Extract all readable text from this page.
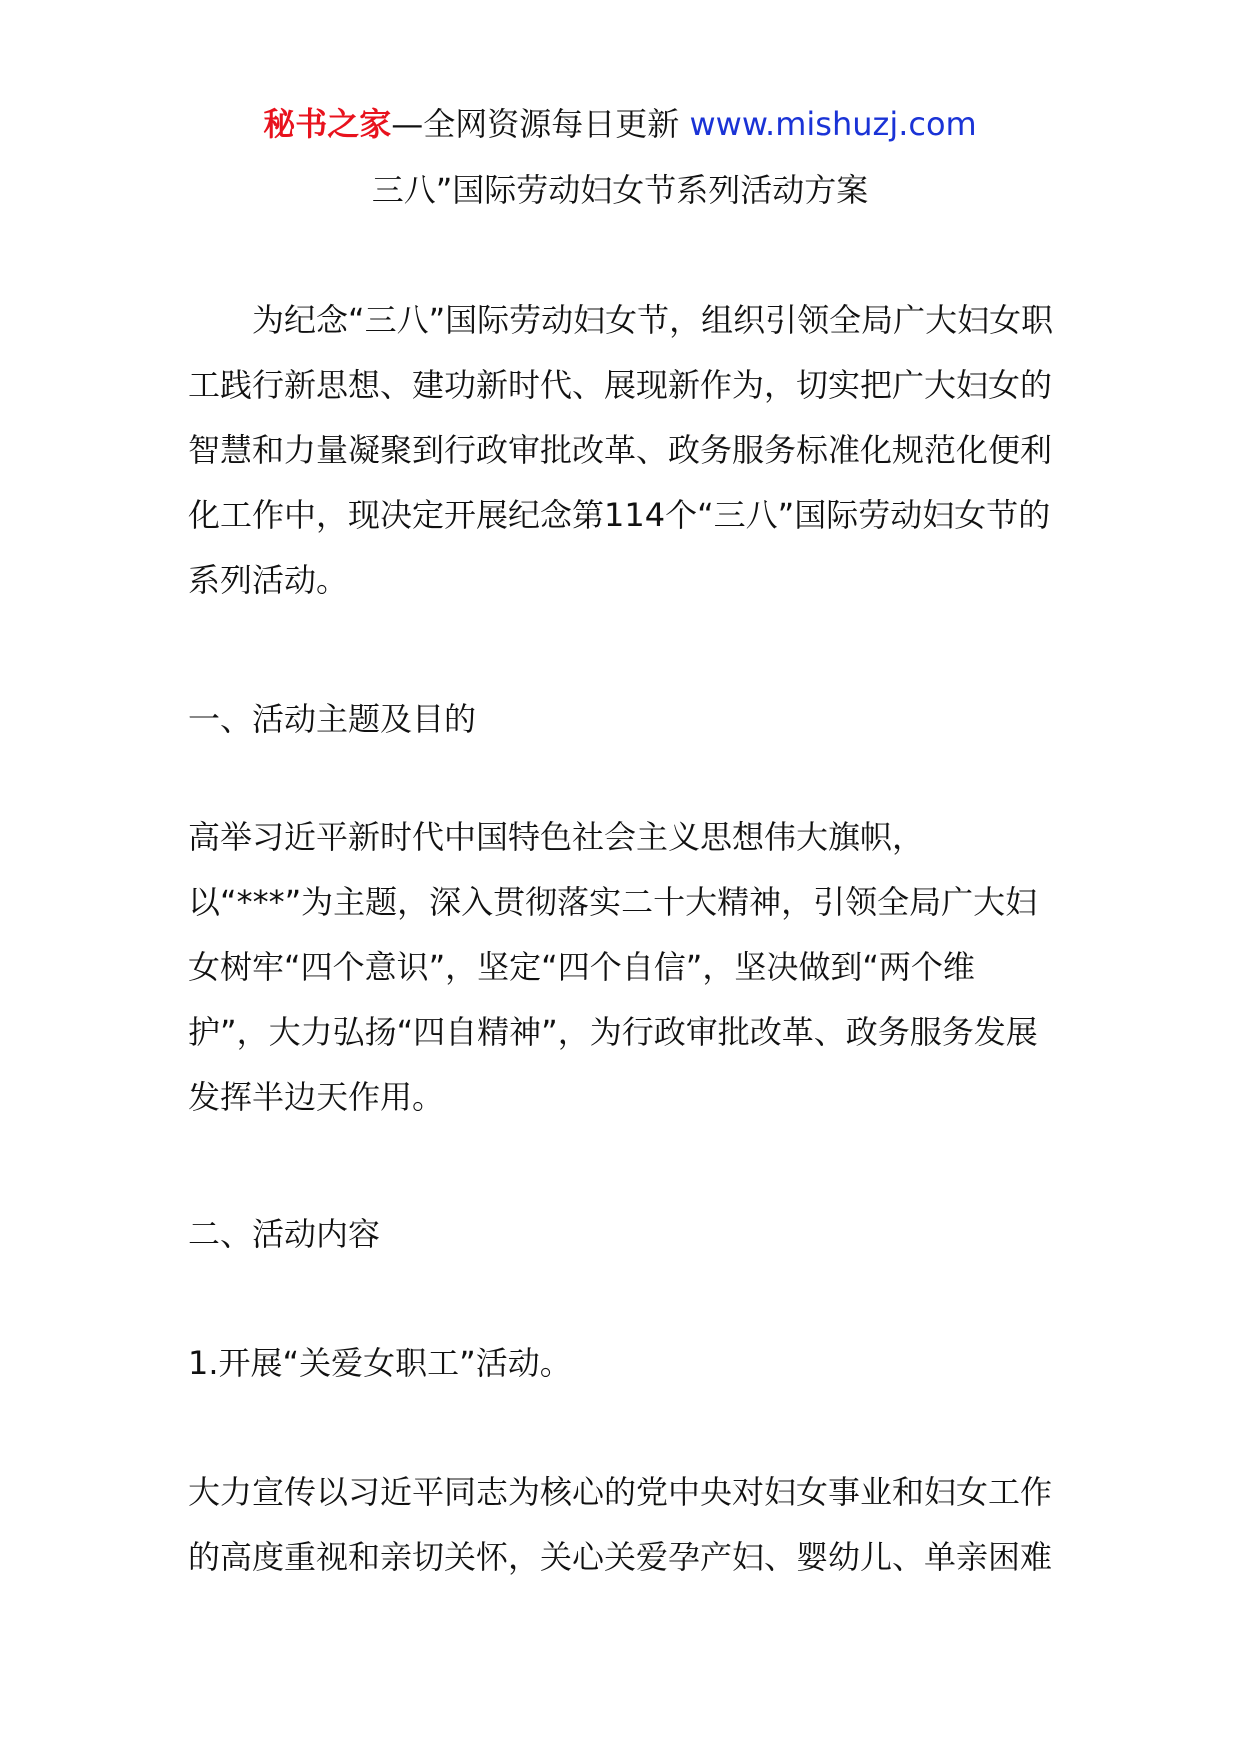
秘书之家—全网资源每日更新 www.mishuzj.com
三八”国际劳动妇女节系列活动方案

为纪念“三八”国际劳动妇女节，组织引领全局广大妇女职工践行新思想、建功新时代、展现新作为，切实把广大妇女的智慧和力量凝聚到行政审批改革、政务服务标准化规范化便利化工作中，现决定开展纪念第114个“三八”国际劳动妇女节的系列活动。

一、活动主题及目的

高举习近平新时代中国特色社会主义思想伟大旗帜，以“***”为主题，深入贯彻落实二十大精神，引领全局广大妇女树牢“四个意识”，坚定“四个自信”，坚决做到“两个维护”，大力弘扬“四自精神”，为行政审批改革、政务服务发展发挥半边天作用。

二、活动内容
1.开展“关爱女职工”活动。

大力宣传以习近平同志为核心的党中央对妇女事业和妇女工作的高度重视和亲切关怀，关心关爱孕产妇、婴幼儿、单亲困难
